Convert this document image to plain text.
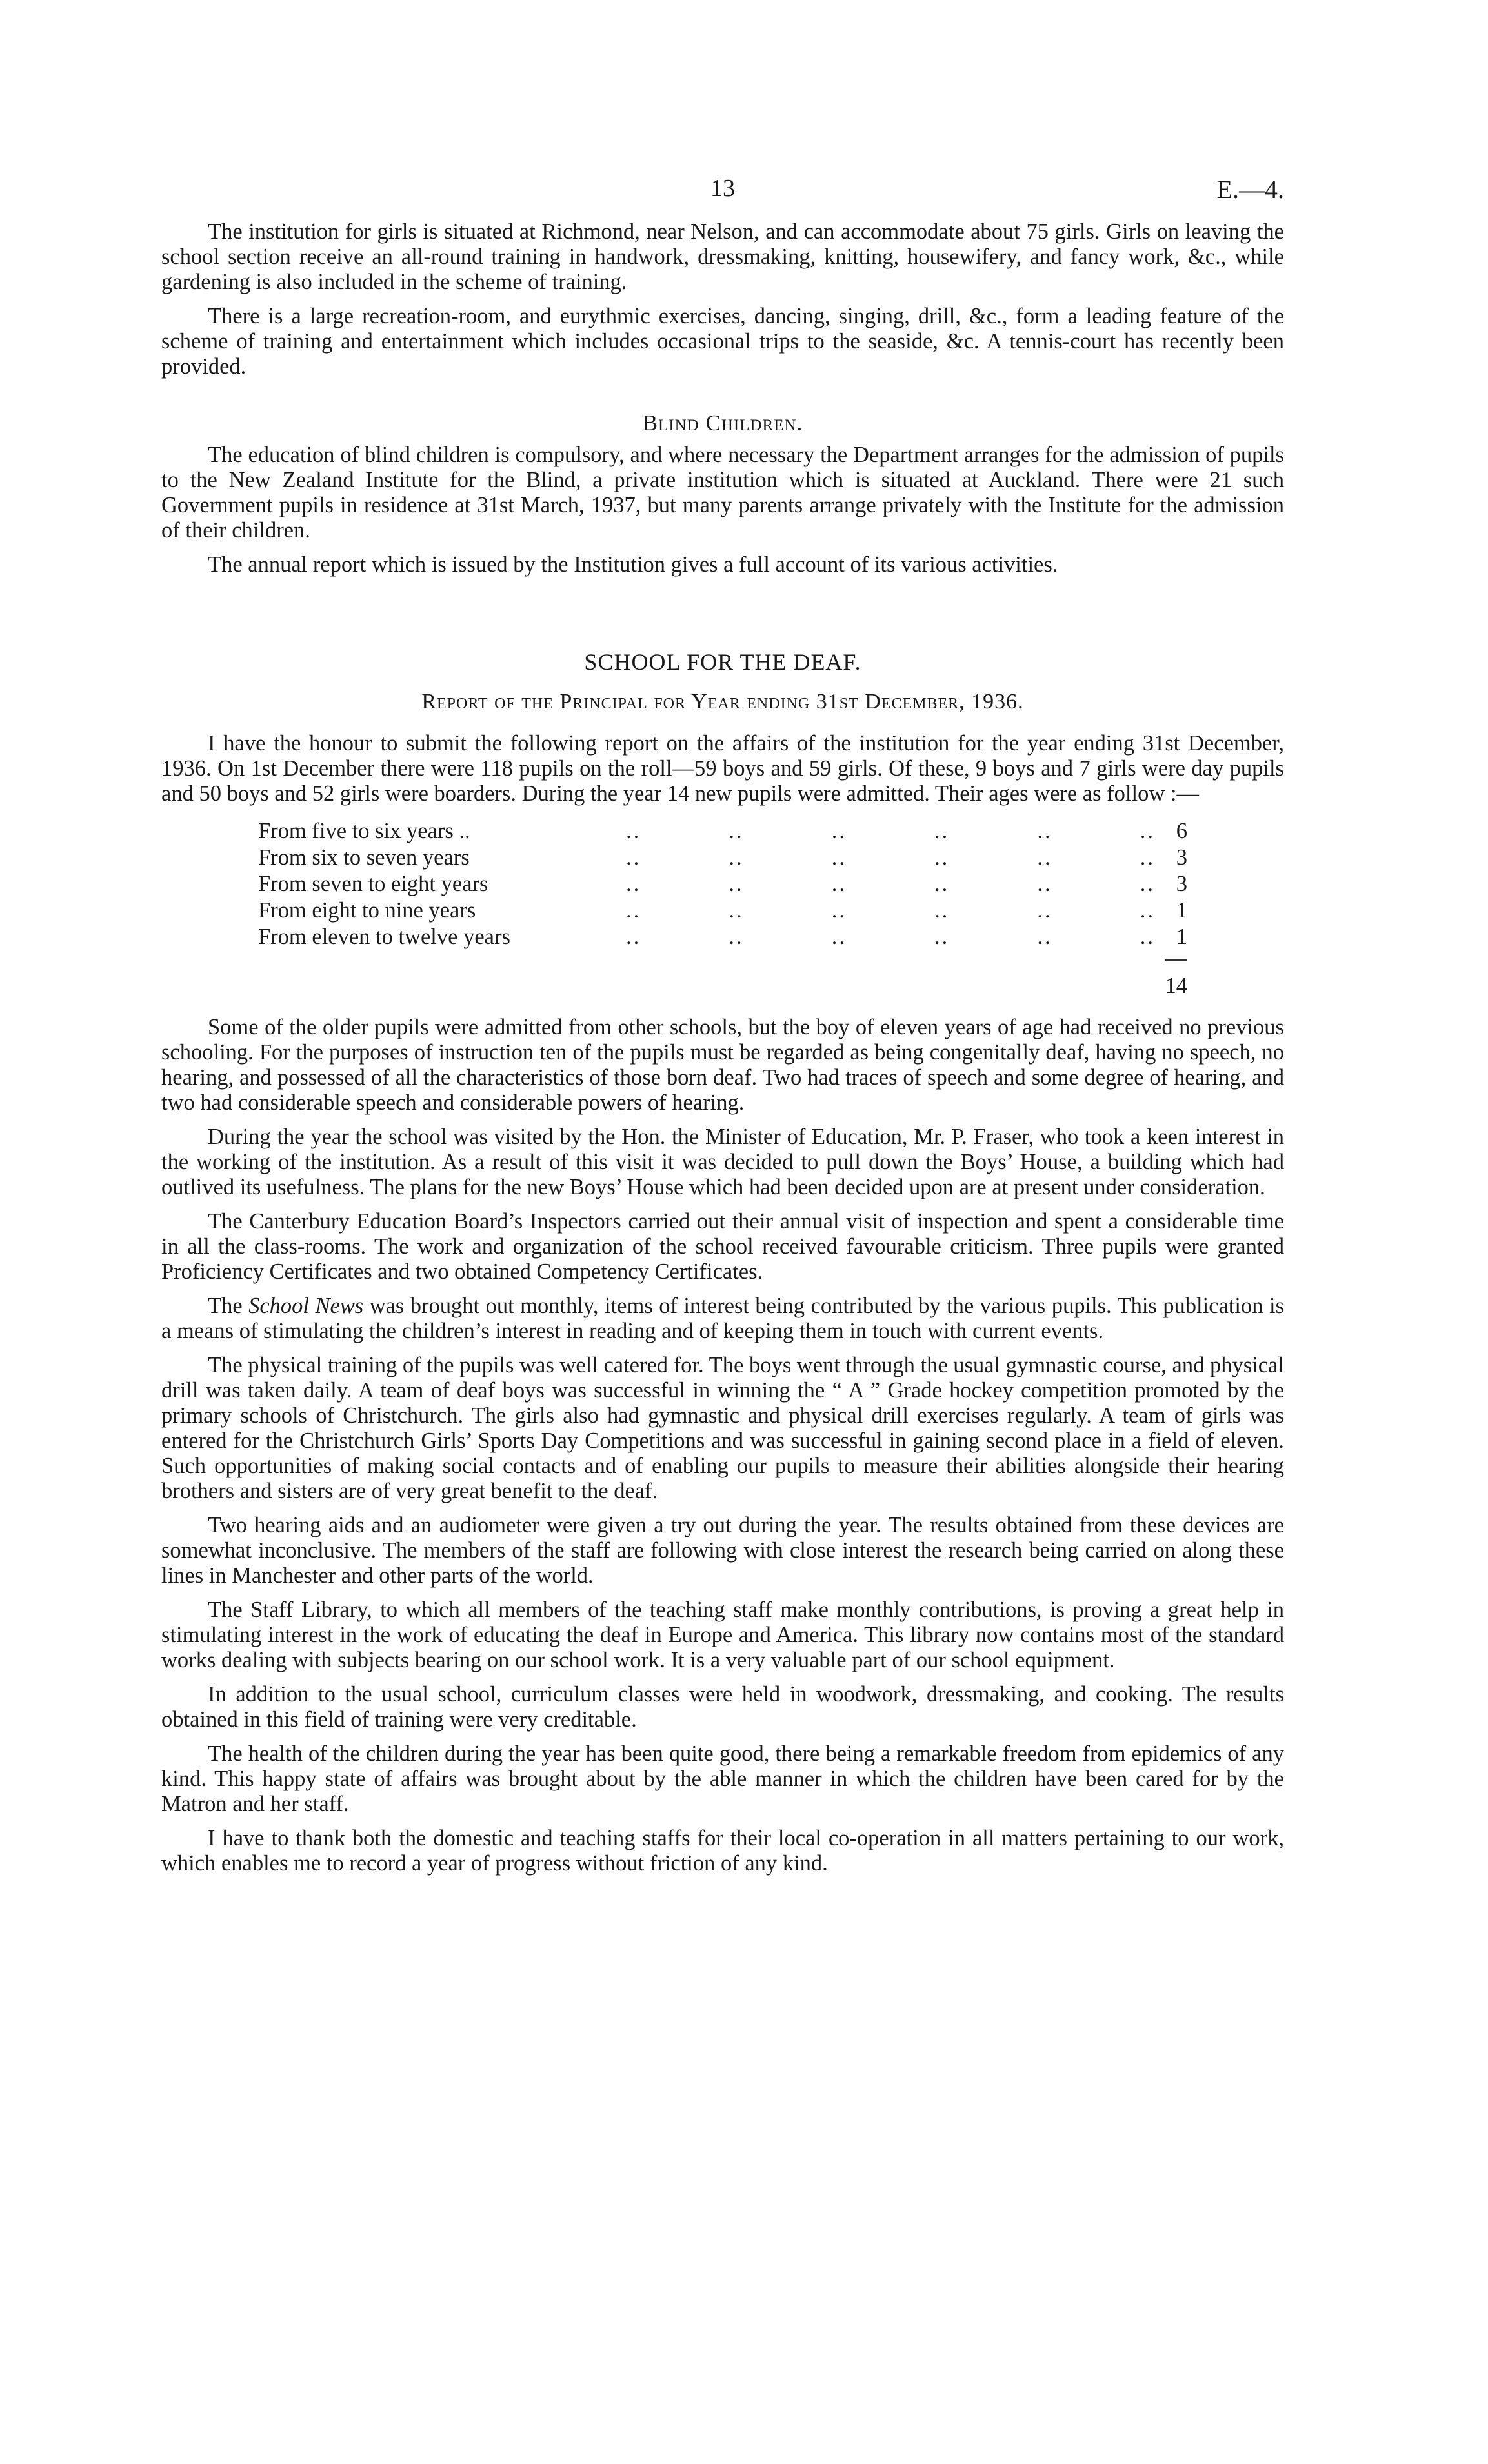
13	E.—4.

The institution for girls is situated at Richmond, near Nelson, and can accommodate about 75 girls. Girls on leaving the school section receive an all-round training in handwork, dressmaking, knitting, housewifery, and fancy work, &c., while gardening is also included in the scheme of training.

There is a large recreation-room, and eurythmic exercises, dancing, singing, drill, &c., form a leading feature of the scheme of training and entertainment which includes occasional trips to the seaside, &c. A tennis-court has recently been provided.

Blind Children.

The education of blind children is compulsory, and where necessary the Department arranges for the admission of pupils to the New Zealand Institute for the Blind, a private institution which is situated at Auckland. There were 21 such Government pupils in residence at 31st March, 1937, but many parents arrange privately with the Institute for the admission of their children.

The annual report which is issued by the Institution gives a full account of its various activities.

SCHOOL FOR THE DEAF.
Report of the Principal for Year ending 31st December, 1936.

I have the honour to submit the following report on the affairs of the institution for the year ending 31st December, 1936. On 1st December there were 118 pupils on the roll—59 boys and 59 girls. Of these, 9 boys and 7 girls were day pupils and 50 boys and 52 girls were boarders. During the year 14 new pupils were admitted. Their ages were as follow :—

From five to six years ..	..	..	..	..	..	.. 6
From six to seven years	..	..	..	..	..	.. 3
From seven to eight years	..	..	..	..	..	.. 3
From eight to nine years	..	..	..	..	..	.. 1
From eleven to twelve years	..	..	..	..	..	.. 1
14

Some of the older pupils were admitted from other schools, but the boy of eleven years of age had received no previous schooling. For the purposes of instruction ten of the pupils must be regarded as being congenitally deaf, having no speech, no hearing, and possessed of all the characteristics of those born deaf. Two had traces of speech and some degree of hearing, and two had considerable speech and considerable powers of hearing.

During the year the school was visited by the Hon. the Minister of Education, Mr. P. Fraser, who took a keen interest in the working of the institution. As a result of this visit it was decided to pull down the Boys’ House, a building which had outlived its usefulness. The plans for the new Boys’ House which had been decided upon are at present under consideration.

The Canterbury Education Board’s Inspectors carried out their annual visit of inspection and spent a considerable time in all the class-rooms. The work and organization of the school received favourable criticism. Three pupils were granted Proficiency Certificates and two obtained Competency Certificates.

The School News was brought out monthly, items of interest being contributed by the various pupils. This publication is a means of stimulating the children’s interest in reading and of keeping them in touch with current events.

The physical training of the pupils was well catered for. The boys went through the usual gymnastic course, and physical drill was taken daily. A team of deaf boys was successful in winning the “ A ” Grade hockey competition promoted by the primary schools of Christchurch. The girls also had gymnastic and physical drill exercises regularly. A team of girls was entered for the Christchurch Girls’ Sports Day Competitions and was successful in gaining second place in a field of eleven. Such opportunities of making social contacts and of enabling our pupils to measure their abilities alongside their hearing brothers and sisters are of very great benefit to the deaf.

Two hearing aids and an audiometer were given a try out during the year. The results obtained from these devices are somewhat inconclusive. The members of the staff are following with close interest the research being carried on along these lines in Manchester and other parts of the world.

The Staff Library, to which all members of the teaching staff make monthly contributions, is proving a great help in stimulating interest in the work of educating the deaf in Europe and America. This library now contains most of the standard works dealing with subjects bearing on our school work. It is a very valuable part of our school equipment.

In addition to the usual school, curriculum classes were held in woodwork, dressmaking, and cooking. The results obtained in this field of training were very creditable.

The health of the children during the year has been quite good, there being a remarkable freedom from epidemics of any kind. This happy state of affairs was brought about by the able manner in which the children have been cared for by the Matron and her staff.

I have to thank both the domestic and teaching staffs for their local co-operation in all matters pertaining to our work, which enables me to record a year of progress without friction of any kind.
